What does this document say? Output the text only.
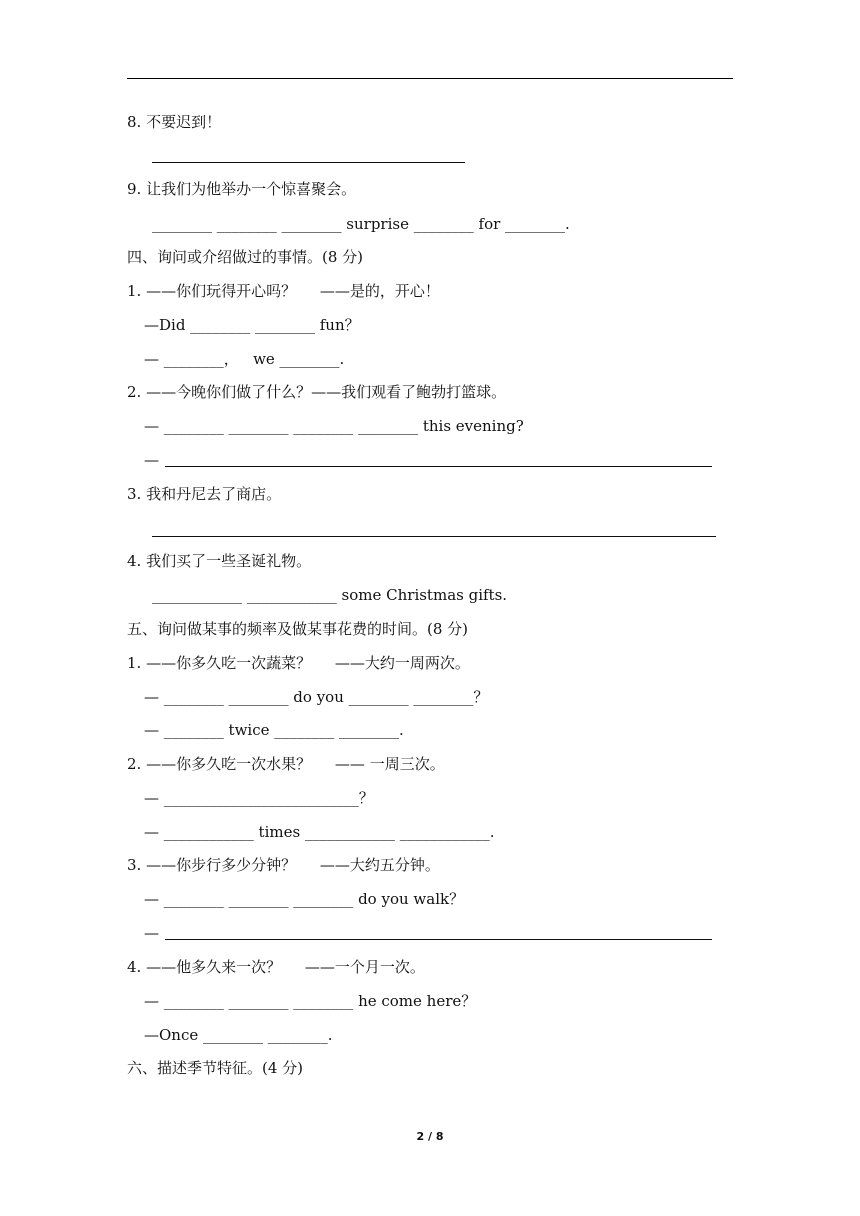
8. 不要迟到！
9. 让我们为他举办一个惊喜聚会。
________ ________ ________ surprise ________ for ________.
四、询问或介绍做过的事情。(8 分)
1. ——你们玩得开心吗？     ——是的，开心！
—Did ________ ________ fun？
— ________，   we ________.
2. ——今晚你们做了什么？——我们观看了鲍勃打篮球。
— ________ ________ ________ ________ this evening?
—
3. 我和丹尼去了商店。
4. 我们买了一些圣诞礼物。
____________ ____________ some Christmas gifts.
五、询问做某事的频率及做某事花费的时间。(8 分)
1. ——你多久吃一次蔬菜？     ——大约一周两次。
— ________ ________ do you ________ ________？
— ________ twice ________ ________.
2. ——你多久吃一次水果？     —— 一周三次。
— __________________________？
— ____________ times ____________ ____________.
3. ——你步行多少分钟？     ——大约五分钟。
— ________ ________ ________ do you walk？
—
4. ——他多久来一次？     ——一个月一次。
— ________ ________ ________ he come here？
—Once ________ ________.
六、描述季节特征。(4 分)
2 / 8
